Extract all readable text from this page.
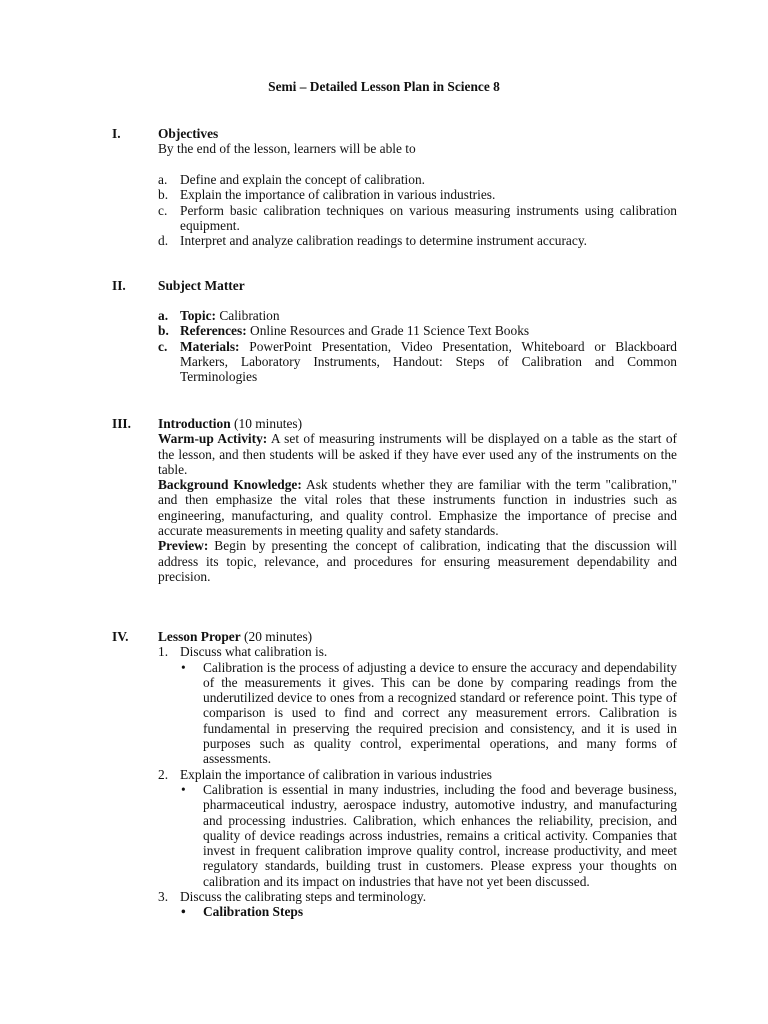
Semi – Detailed Lesson Plan in Science 8
I.	Objectives
By the end of the lesson, learners will be able to
a. Define and explain the concept of calibration.
b. Explain the importance of calibration in various industries.
c. Perform basic calibration techniques on various measuring instruments using calibration equipment.
d. Interpret and analyze calibration readings to determine instrument accuracy.
II. Subject Matter
a. Topic: Calibration
b. References: Online Resources and Grade 11 Science Text Books
c. Materials: PowerPoint Presentation, Video Presentation, Whiteboard or Blackboard Markers, Laboratory Instruments, Handout: Steps of Calibration and Common Terminologies
III. Introduction (10 minutes)
Warm-up Activity: A set of measuring instruments will be displayed on a table as the start of the lesson, and then students will be asked if they have ever used any of the instruments on the table.
Background Knowledge: Ask students whether they are familiar with the term "calibration," and then emphasize the vital roles that these instruments function in industries such as engineering, manufacturing, and quality control. Emphasize the importance of precise and accurate measurements in meeting quality and safety standards.
Preview: Begin by presenting the concept of calibration, indicating that the discussion will address its topic, relevance, and procedures for ensuring measurement dependability and precision.
IV. Lesson Proper (20 minutes)
1. Discuss what calibration is.
• Calibration is the process of adjusting a device to ensure the accuracy and dependability of the measurements it gives. This can be done by comparing readings from the underutilized device to ones from a recognized standard or reference point. This type of comparison is used to find and correct any measurement errors. Calibration is fundamental in preserving the required precision and consistency, and it is used in purposes such as quality control, experimental operations, and many forms of assessments.
2. Explain the importance of calibration in various industries
• Calibration is essential in many industries, including the food and beverage business, pharmaceutical industry, aerospace industry, automotive industry, and manufacturing and processing industries. Calibration, which enhances the reliability, precision, and quality of device readings across industries, remains a critical activity. Companies that invest in frequent calibration improve quality control, increase productivity, and meet regulatory standards, building trust in customers. Please express your thoughts on calibration and its impact on industries that have not yet been discussed.
3. Discuss the calibrating steps and terminology.
• Calibration Steps
